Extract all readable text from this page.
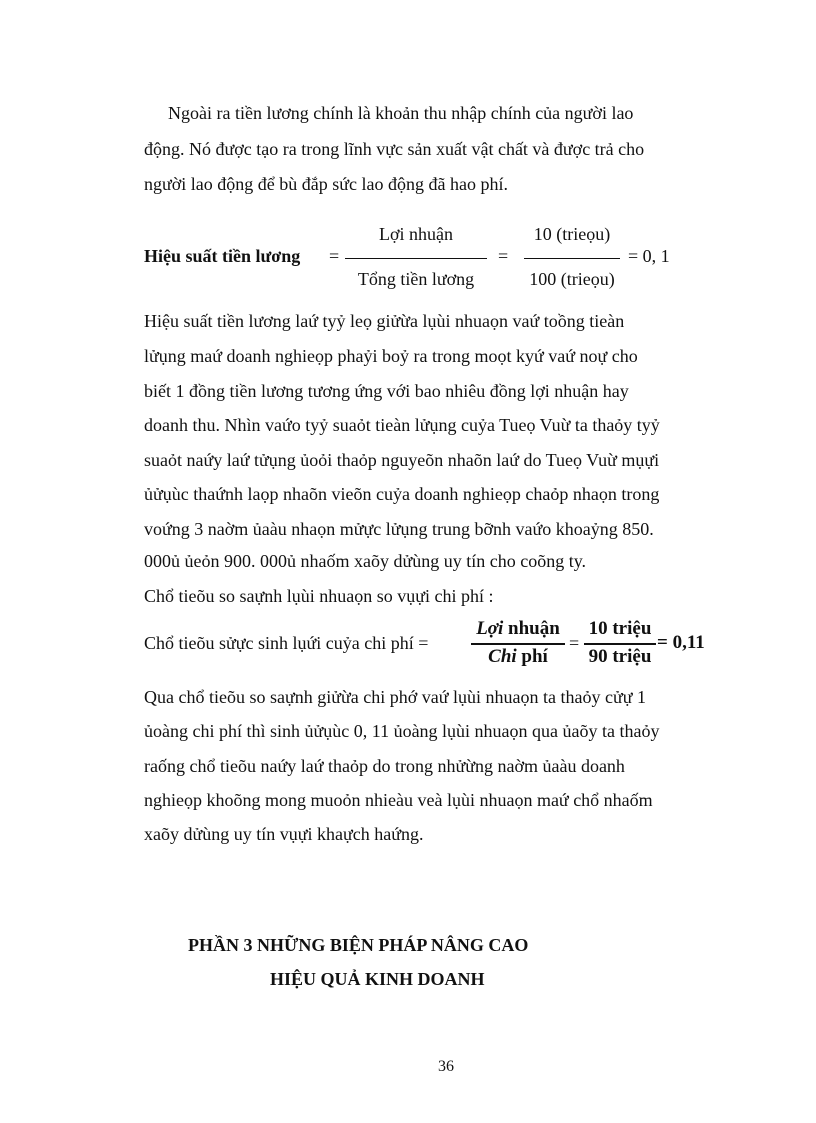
Ngoài ra tiền lương chính là khoản thu nhập chính của người lao
động. Nó được tạo ra trong lĩnh vực sản xuất vật chất và được trả cho
người lao động để bù đắp sức lao động đã hao phí.
Hiệu suất tiền lương =
Lợi nhuận
Tổng tiền lương
=
10 (trieọu)
100 (trieọu)
= 0, 1
Hiệu suất tiền lương laứ tyỷ leọ giửừa lụùi nhuaọn vaứ toồng tieàn
lửụng maứ doanh nghieọp phaỷi boỷ ra trong moọt kyứ vaứ noự cho
biết 1 đồng tiền lương tương ứng với bao nhiêu đồng lợi nhuận hay
doanh thu. Nhìn vaứo tyỷ suaỏt tieàn lửụng cuỷa Tueọ Vuừ ta thaỏy tyỷ
suaỏt naứy laứ tửụng ủoỏi thaỏp nguyeõn nhaõn laứ do Tueọ Vuừ mụựi
ủửụùc thaứnh laọp nhaõn vieõn cuỷa doanh nghieọp chaỏp nhaọn trong
voứng 3 naờm ủaàu nhaọn mửực lửụng trung bỡnh vaứo khoaỷng 850.
000ủ ủeỏn 900. 000ủ nhaốm xaõy dửùng uy tín cho coõng ty.
Chổ tieõu so saựnh lụùi nhuaọn so vụựi chi phí :
Chổ tieõu sửực sinh lụứi cuỷa chi phí =
Lợi nhuận
Chi phí
=
10 triệu
90 triệu
= 0,11
Qua chổ tieõu so saựnh giửừa chi phớ vaứ lụùi nhuaọn ta thaỏy cửự 1
ủoàng chi phí thì sinh ủửụùc 0, 11 ủoàng lụùi nhuaọn qua ủaõy ta thaỏy
raống chổ tieõu naứy laứ thaỏp do trong nhửừng naờm ủaàu doanh
nghieọp khoõng mong muoỏn nhieàu veà lụùi nhuaọn maứ chổ nhaốm
xaõy dửùng uy tín vụựi khaựch haứng.
PHẦN 3 NHỮNG BIỆN PHÁP NÂNG CAO
HIỆU QUẢ KINH DOANH
36
